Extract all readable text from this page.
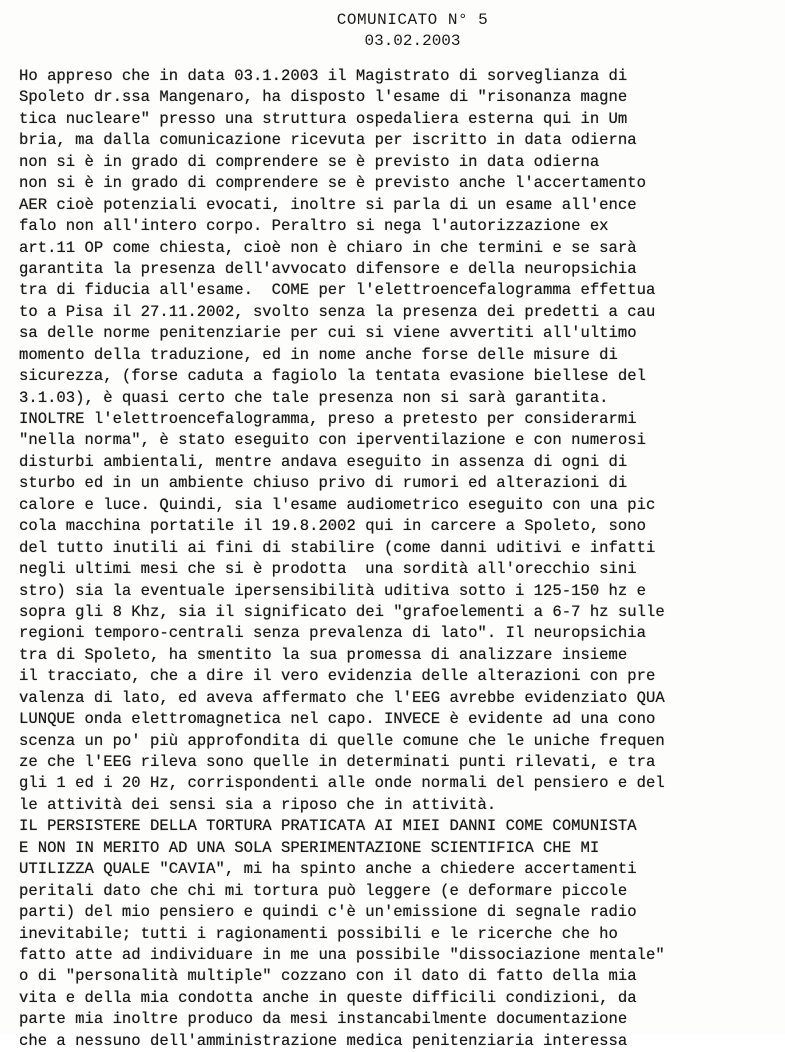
COMUNICATO N° 5
03.02.2003
Ho appreso che in data 03.1.2003 il Magistrato di sorveglianza di
Spoleto dr.ssa Mangenaro, ha disposto l'esame di "risonanza magne
tica nucleare" presso una struttura ospedaliera esterna qui in Um
bria, ma dalla comunicazione ricevuta per iscritto in data odierna
non si è in grado di comprendere se è previsto in data odierna
non si è in grado di comprendere se è previsto anche l'accertamento
AER cioè potenziali evocati, inoltre si parla di un esame all'ence
falo non all'intero corpo. Peraltro si nega l'autorizzazione ex
art.11 OP come chiesta, cioè non è chiaro in che termini e se sarà
garantita la presenza dell'avvocato difensore e della neuropsichia
tra di fiducia all'esame.  COME per l'elettroencefalogramma effettua
to a Pisa il 27.11.2002, svolto senza la presenza dei predetti a cau
sa delle norme penitenziarie per cui si viene avvertiti all'ultimo
momento della traduzione, ed in nome anche forse delle misure di
sicurezza, (forse caduta a fagiolo la tentata evasione biellese del
3.1.03), è quasi certo che tale presenza non si sarà garantita.
INOLTRE l'elettroencefalogramma, preso a pretesto per considerarmi
"nella norma", è stato eseguito con iperventilazione e con numerosi
disturbi ambientali, mentre andava eseguito in assenza di ogni di
sturbo ed in un ambiente chiuso privo di rumori ed alterazioni di
calore e luce. Quindi, sia l'esame audiometrico eseguito con una pic
cola macchina portatile il 19.8.2002 qui in carcere a Spoleto, sono
del tutto inutili ai fini di stabilire (come danni uditivi e infatti
negli ultimi mesi che si è prodotta  una sordità all'orecchio sini
stro) sia la eventuale ipersensibilità uditiva sotto i 125-150 hz e
sopra gli 8 Khz, sia il significato dei "grafoelementi a 6-7 hz sulle
regioni temporo-centrali senza prevalenza di lato". Il neuropsichia
tra di Spoleto, ha smentito la sua promessa di analizzare insieme
il tracciato, che a dire il vero evidenzia delle alterazioni con pre
valenza di lato, ed aveva affermato che l'EEG avrebbe evidenziato QUA
LUNQUE onda elettromagnetica nel capo. INVECE è evidente ad una cono
scenza un po' più approfondita di quelle comune che le uniche frequen
ze che l'EEG rileva sono quelle in determinati punti rilevati, e tra
gli 1 ed i 20 Hz, corrispondenti alle onde normali del pensiero e del
le attività dei sensi sia a riposo che in attività.
IL PERSISTERE DELLA TORTURA PRATICATA AI MIEI DANNI COME COMUNISTA
E NON IN MERITO AD UNA SOLA SPERIMENTAZIONE SCIENTIFICA CHE MI
UTILIZZA QUALE "CAVIA", mi ha spinto anche a chiedere accertamenti
peritali dato che chi mi tortura può leggere (e deformare piccole
parti) del mio pensiero e quindi c'è un'emissione di segnale radio
inevitabile; tutti i ragionamenti possibili e le ricerche che ho
fatto atte ad individuare in me una possibile "dissociazione mentale"
o di "personalità multiple" cozzano con il dato di fatto della mia
vita e della mia condotta anche in queste difficili condizioni, da
parte mia inoltre produco da mesi instancabilmente documentazione
che a nessuno dell'amministrazione medica penitenziaria interessa
